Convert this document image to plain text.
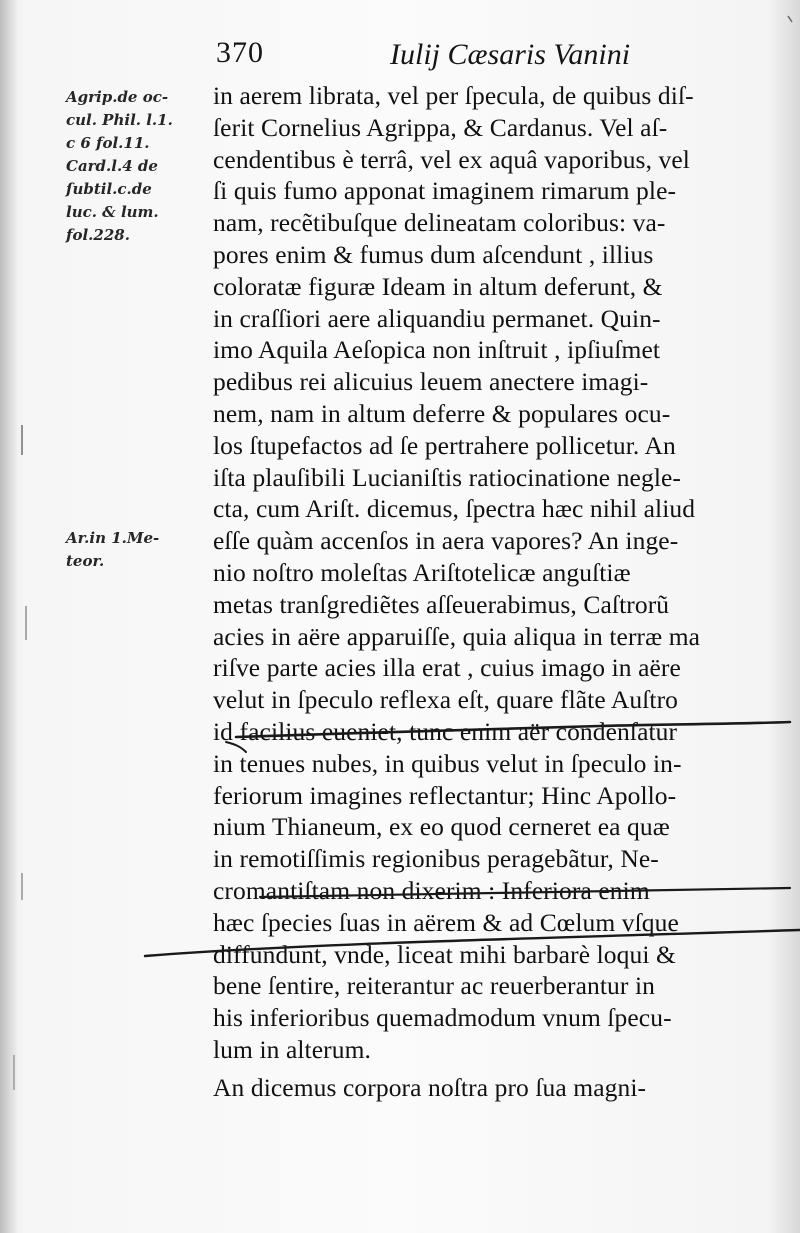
370	Iulij Cæsaris Vanini
Agrip.de oc-
cul. Phil. l.1.
c 6 fol.11.
Card.l.4 de
ſubtil.c.de
luc. & lum.
fol.228.
Ar.in 1.Me-
teor.
in aerem librata, vel per ſpecula, de quibus diſ-
ſerit Cornelius Agrippa, & Cardanus. Vel aſ-
cendentibus è terrâ, vel ex aquâ vaporibus, vel
ſi quis fumo apponat imaginem rimarum ple-
nam, recẽtibuſque delineatam coloribus: va-
pores enim & fumus dum aſcendunt , illius
coloratæ figuræ Ideam in altum deferunt, &
in craſſiori aere aliquandiu permanet. Quin-
imo Aquila Aeſopica non inſtruit , ipſiuſmet
pedibus rei alicuius leuem anectere imagi-
nem, nam in altum deferre & populares ocu-
los ſtupefactos ad ſe pertrahere pollicetur. An
iſta plauſibili Lucianiſtis ratiocinatione negle-
cta, cum Ariſt. dicemus, ſpectra hæc nihil aliud
eſſe quàm accenſos in aera vapores? An inge-
nio noſtro moleſtas Ariſtotelicæ anguſtiæ
metas tranſgrediẽtes aſſeuerabimus, Caſtrorũ
acies in aëre apparuiſſe, quia aliqua in terræ ma
riſve parte acies illa erat , cuius imago in aëre
velut in ſpeculo reflexa eſt, quare flãte Auſtro
id facilius eueniet, tunc enim aër condenſatur
in tenues nubes, in quibus velut in ſpeculo in-
feriorum imagines reflectantur; Hinc Apollo-
nium Thianeum, ex eo quod cerneret ea quæ
in remotiſſimis regionibus peragebãtur, Ne-
cromantiſtam non dixerim : Inferiora enim
hæc ſpecies ſuas in aërem & ad Cœlum vſque
diffundunt, vnde, liceat mihi barbarè loqui &
bene ſentire, reiterantur ac reuerberantur in
his inferioribus quemadmodum vnum ſpecu-
lum in alterum.
An dicemus corpora noſtra pro ſua magni-
